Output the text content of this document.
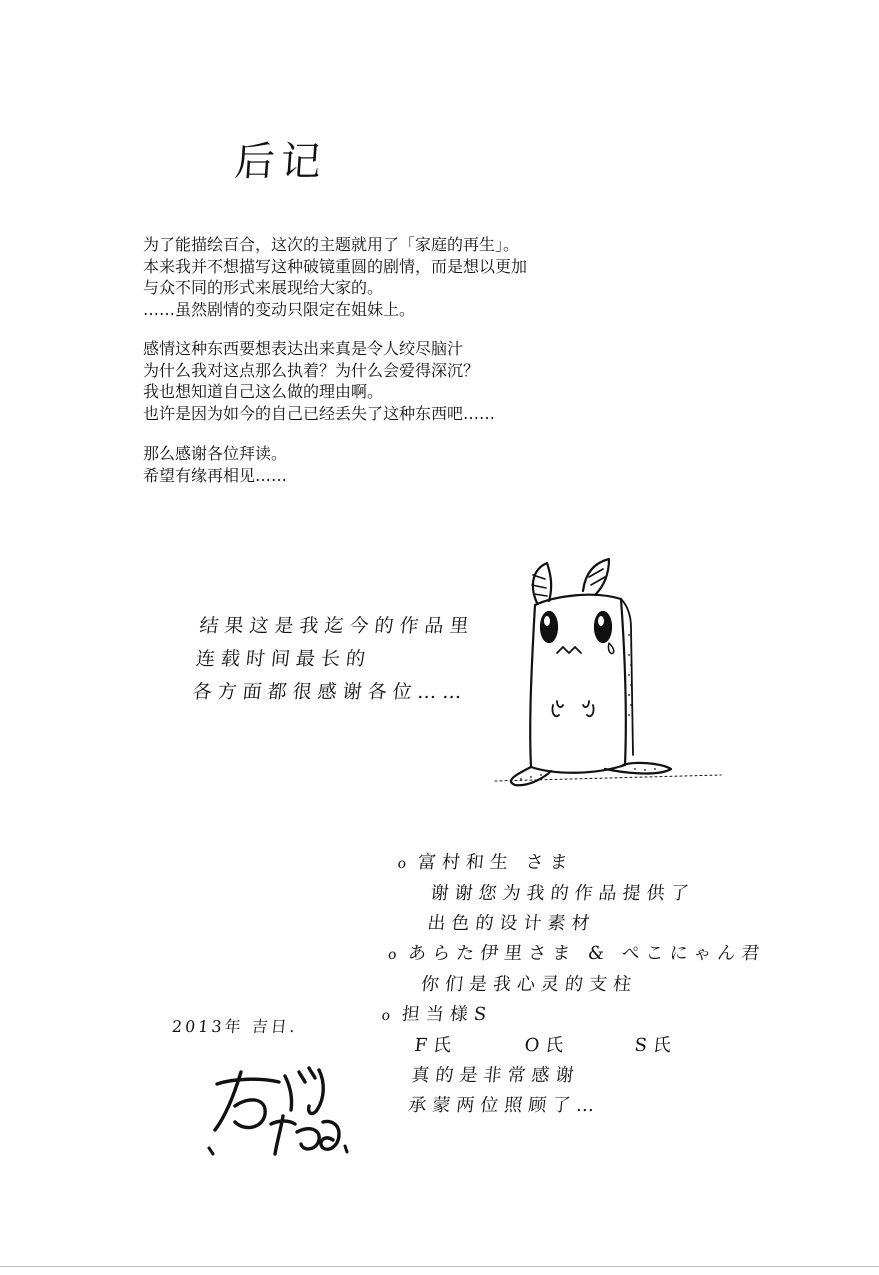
后记
为了能描绘百合，这次的主题就用了「家庭的再生」。
本来我并不想描写这种破镜重圆的剧情，而是想以更加
与众不同的形式来展现给大家的。
……虽然剧情的变动只限定在姐妹上。
感情这种东西要想表达出来真是令人绞尽脑汁
为什么我对这点那么执着？为什么会爱得深沉？
我也想知道自己这么做的理由啊。
也许是因为如今的自己已经丢失了这种东西吧……
那么感谢各位拜读。
希望有缘再相见……
结果这是我迄今的作品里
连载时间最长的
各方面都很感谢各位……
o 富村和生 さま
谢谢您为我的作品提供了
出色的设计素材
o あらた伊里さま & ぺこにゃん君
你们是我心灵的支柱
o 担当様S
F氏	O氏	S氏
真的是非常感谢
承蒙两位照顾了…
2013年 吉日.
